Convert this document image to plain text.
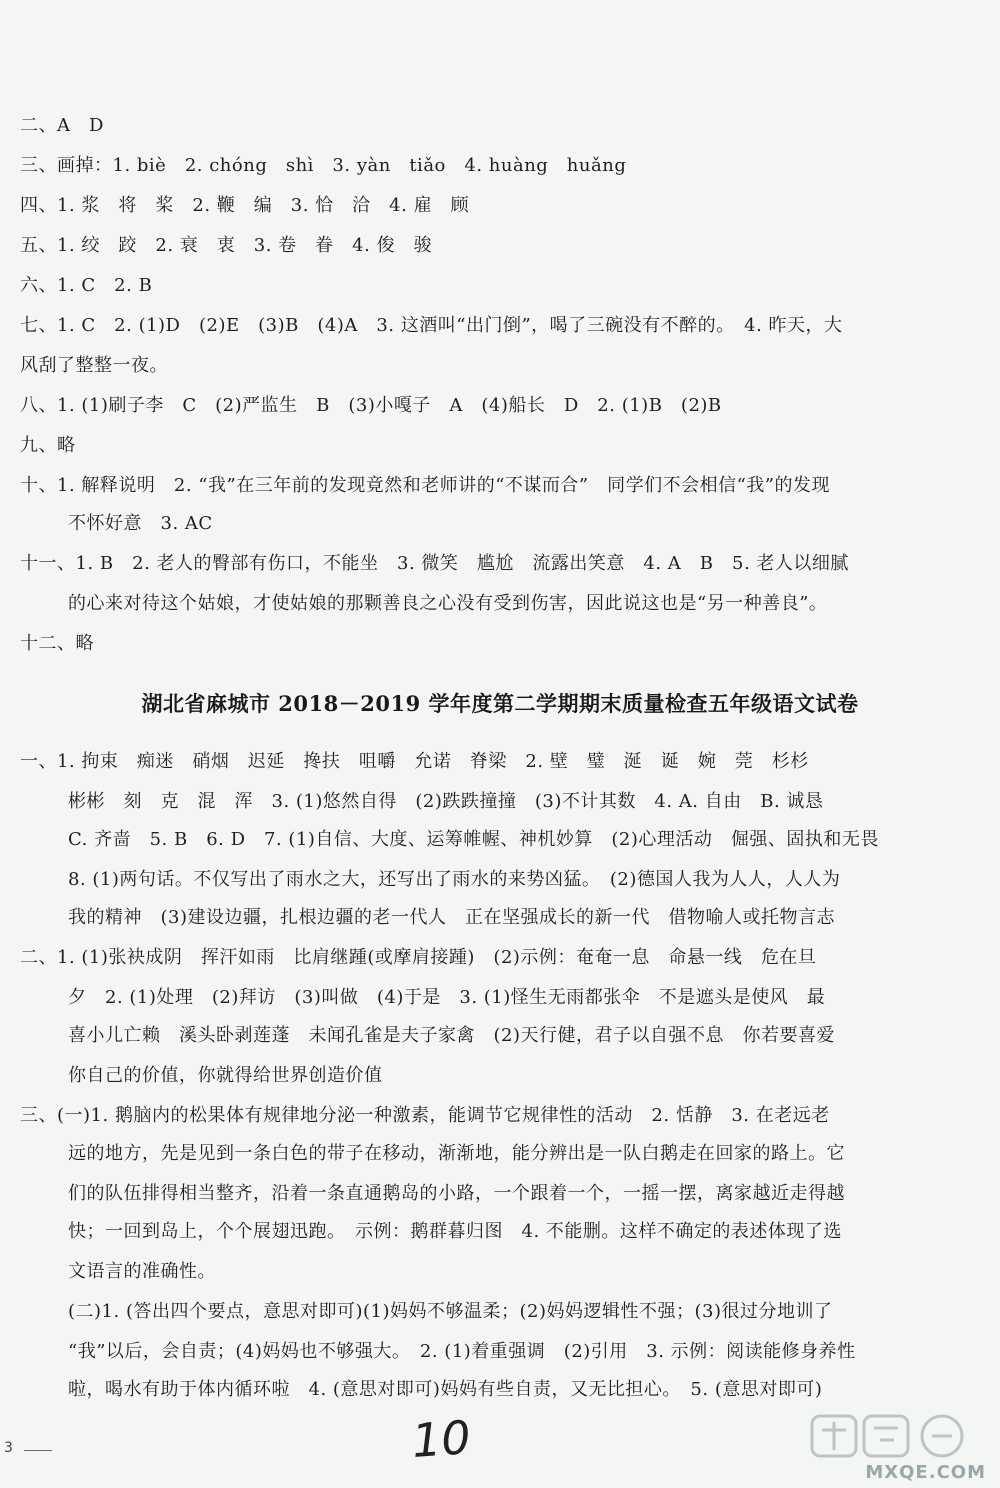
二、A　D
三、画掉：1. biè　2. chóng　shì　3. yàn　tiǎo　4. huàng　huǎng
四、1. 浆　将　桨　2. 鞭　编　3. 恰　洽　4. 雇　顾
五、1. 绞　跤　2. 衰　衷　3. 卷　眷　4. 俊　骏
六、1. C　2. B
七、1. C　2. (1)D　(2)E　(3)B　(4)A　3. 这酒叫“出门倒”，喝了三碗没有不醉的。　4. 昨天，大
风刮了整整一夜。
八、1. (1)刷子李　C　(2)严监生　B　(3)小嘎子　A　(4)船长　D　2. (1)B　(2)B
九、略
十、1. 解释说明　2. “我”在三年前的发现竟然和老师讲的“不谋而合”　同学们不会相信“我”的发现
不怀好意　3. AC
十一、1. B　2. 老人的臀部有伤口，不能坐　3. 微笑　尴尬　流露出笑意　4. A　B　5. 老人以细腻
的心来对待这个姑娘，才使姑娘的那颗善良之心没有受到伤害，因此说这也是“另一种善良”。
十二、略
湖北省麻城市 2018－2019 学年度第二学期期末质量检查五年级语文试卷
一、1. 拘束　痴迷　硝烟　迟延　搀扶　咀嚼　允诺　脊梁　2. 壁　璧　涎　诞　婉　莞　杉杉
彬彬　刻　克　混　浑　3. (1)悠然自得　(2)跌跌撞撞　(3)不计其数　4. A. 自由　B. 诚恳
C. 齐啬　5. B　6. D　7. (1)自信、大度、运筹帷幄、神机妙算　(2)心理活动　倔强、固执和无畏
8. (1)两句话。不仅写出了雨水之大，还写出了雨水的来势凶猛。　(2)德国人我为人人，人人为
我的精神　(3)建设边疆，扎根边疆的老一代人　正在坚强成长的新一代　借物喻人或托物言志
二、1. (1)张袂成阴　挥汗如雨　比肩继踵(或摩肩接踵)　(2)示例：奄奄一息　命悬一线　危在旦
夕　2. (1)处理　(2)拜访　(3)叫做　(4)于是　3. (1)怪生无雨都张伞　不是遮头是使风　最
喜小儿亡赖　溪头卧剥莲蓬　未闻孔雀是夫子家禽　(2)天行健，君子以自强不息　你若要喜爱
你自己的价值，你就得给世界创造价值
三、(一)1. 鹅脑内的松果体有规律地分泌一种激素，能调节它规律性的活动　2. 恬静　3. 在老远老
远的地方，先是见到一条白色的带子在移动，渐渐地，能分辨出是一队白鹅走在回家的路上。它
们的队伍排得相当整齐，沿着一条直通鹅岛的小路，一个跟着一个，一摇一摆，离家越近走得越
快；一回到岛上，个个展翅迅跑。　示例：鹅群暮归图　4. 不能删。这样不确定的表述体现了选
文语言的准确性。
(二)1. (答出四个要点，意思对即可)(1)妈妈不够温柔；(2)妈妈逻辑性不强；(3)很过分地训了
“我”以后，会自责；(4)妈妈也不够强大。　2. (1)着重强调　(2)引用　3. 示例：阅读能修身养性
啦，喝水有助于体内循环啦　4. (意思对即可)妈妈有些自责，又无比担心。　5. (意思对即可)
3	10
MXQE.COM
